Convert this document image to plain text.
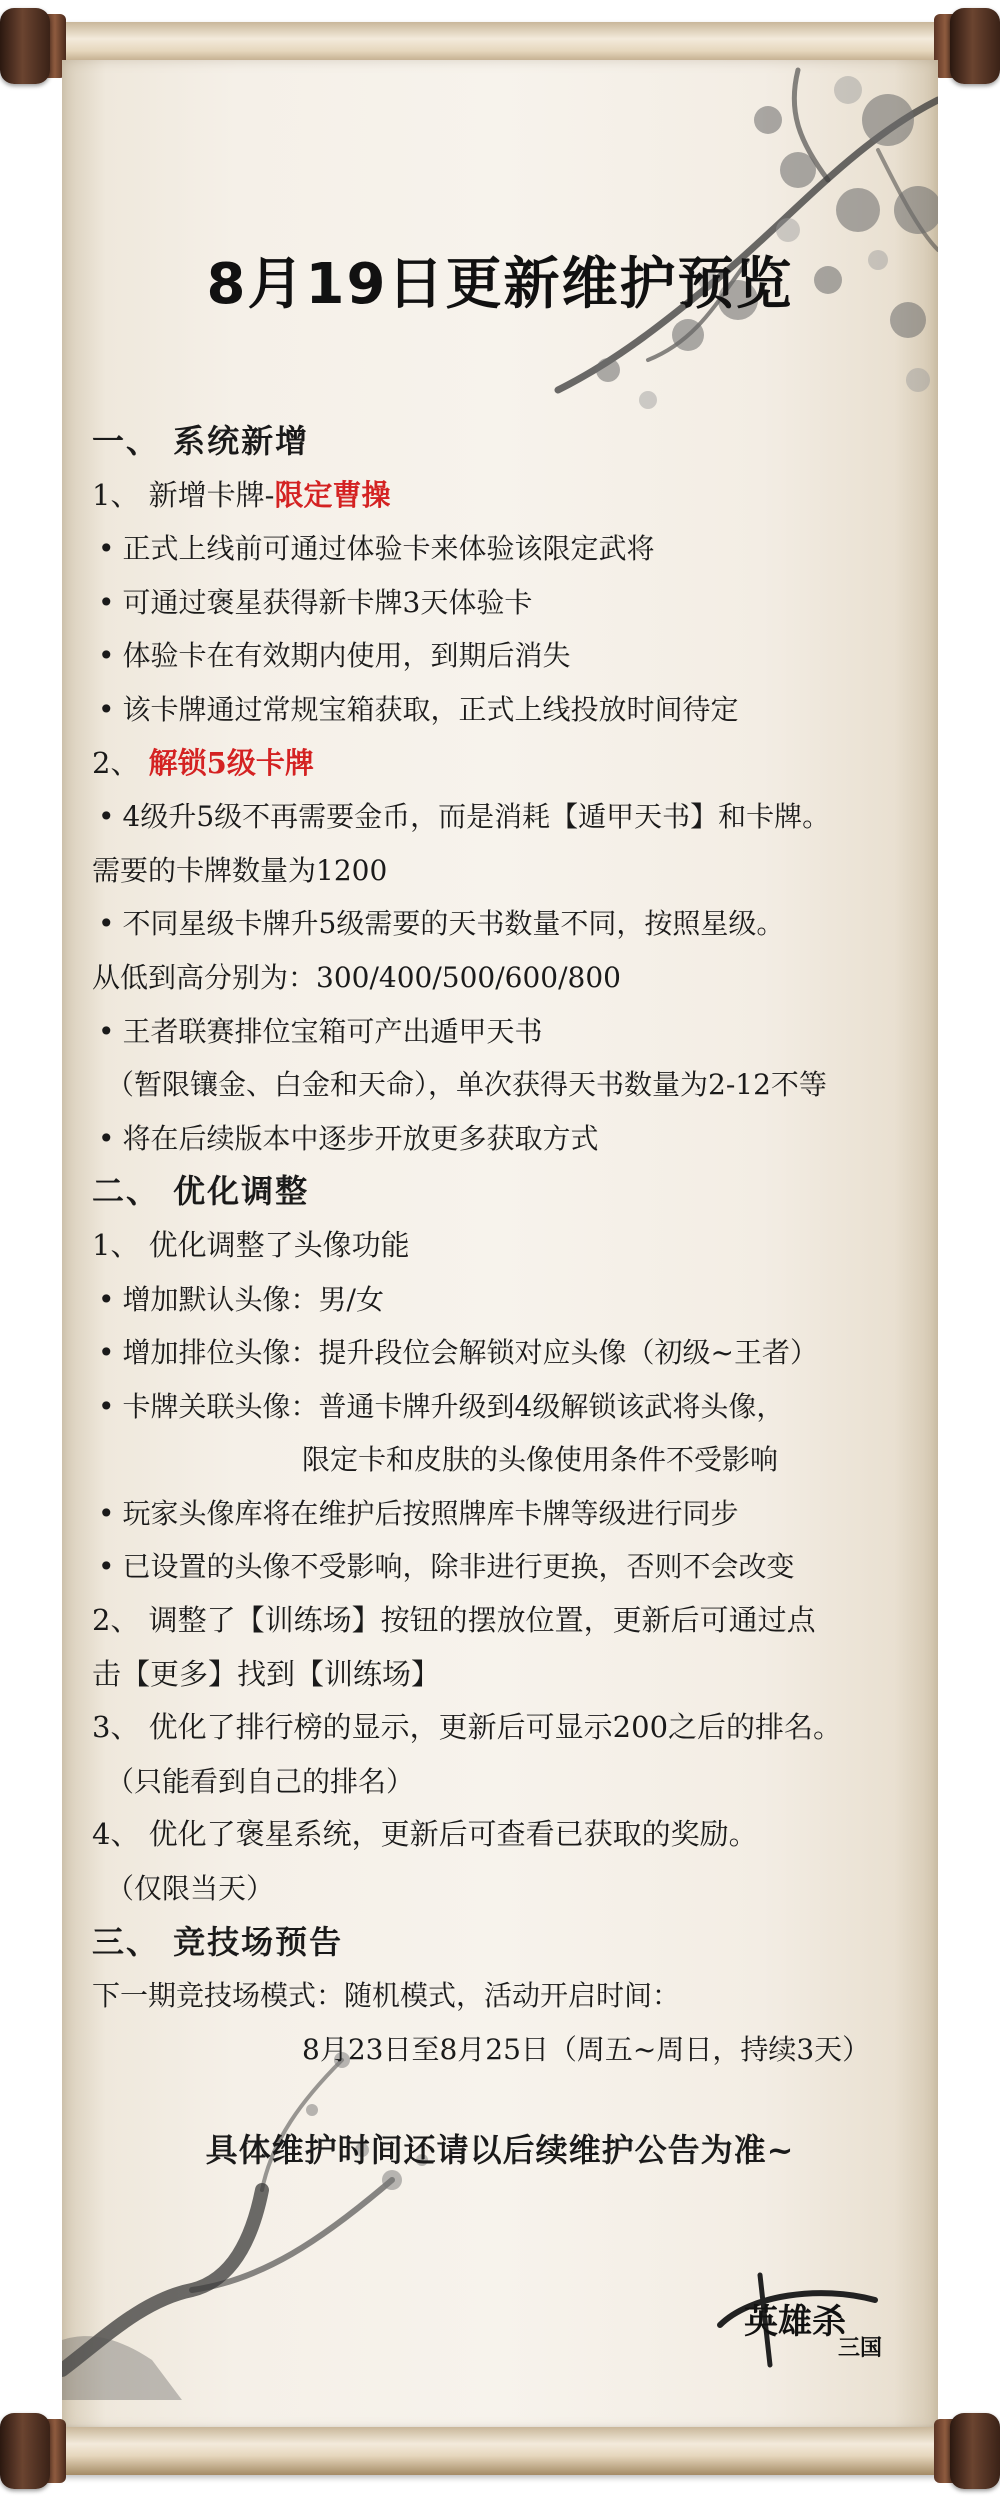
8月19日更新维护预览
一、 系统新增
1、 新增卡牌-限定曹操
• 正式上线前可通过体验卡来体验该限定武将
• 可通过褒星获得新卡牌3天体验卡
• 体验卡在有效期内使用，到期后消失
• 该卡牌通过常规宝箱获取，正式上线投放时间待定
2、 解锁5级卡牌
• 4级升5级不再需要金币，而是消耗【遁甲天书】和卡牌。
需要的卡牌数量为1200
• 不同星级卡牌升5级需要的天书数量不同，按照星级。
从低到高分别为：300/400/500/600/800
• 王者联赛排位宝箱可产出遁甲天书
（暂限镶金、白金和天命），单次获得天书数量为2-12不等
• 将在后续版本中逐步开放更多获取方式
二、 优化调整
1、 优化调整了头像功能
• 增加默认头像：男/女
• 增加排位头像：提升段位会解锁对应头像（初级~王者）
• 卡牌关联头像：普通卡牌升级到4级解锁该武将头像，
限定卡和皮肤的头像使用条件不受影响
• 玩家头像库将在维护后按照牌库卡牌等级进行同步
• 已设置的头像不受影响，除非进行更换，否则不会改变
2、 调整了【训练场】按钮的摆放位置，更新后可通过点
击【更多】找到【训练场】
3、 优化了排行榜的显示，更新后可显示200之后的排名。
（只能看到自己的排名）
4、 优化了褒星系统，更新后可查看已获取的奖励。
（仅限当天）
三、 竞技场预告
下一期竞技场模式：随机模式，活动开启时间：
8月23日至8月25日（周五~周日，持续3天）
具体维护时间还请以后续维护公告为准~
英雄杀
三国
